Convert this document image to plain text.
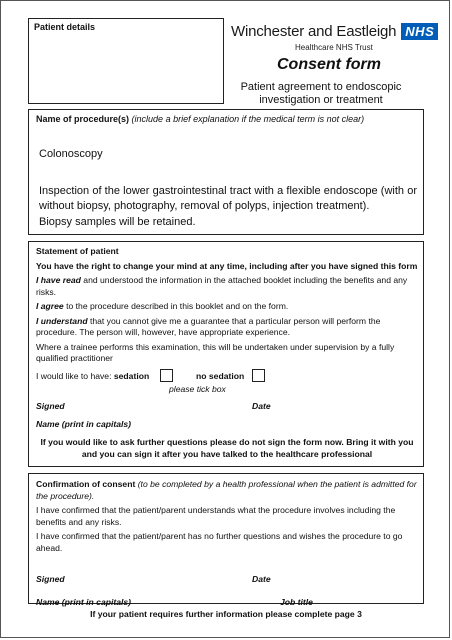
Patient details	Winchester and Eastleigh NHS
Healthcare NHS Trust
Consent form
Patient agreement to endoscopic investigation or treatment
Name of procedure(s) (include a brief explanation if the medical term is not clear)
Colonoscopy
Inspection of the lower gastrointestinal tract with a flexible endoscope (with or without biopsy, photography, removal of polyps, injection treatment).
Biopsy samples will be retained.

Statement of patient

You have the right to change your mind at any time, including after you have signed this form

I have read and understood the information in the attached booklet including the benefits and any risks.

I agree to the procedure described in this booklet and on the form.

I understand that you cannot give me a guarantee that a particular person will perform the procedure. The person will, however, have appropriate experience.

Where a trainee performs this examination, this will be undertaken under supervision by a fully qualified practitioner

I would like to have: sedation	no sedation
please tick box
Signed	Date
Name (print in capitals)
If you would like to ask further questions please do not sign the form now. Bring it with you and you can sign it after you have talked to the healthcare professional

Confirmation of consent (to be completed by a health professional when the patient is admitted for the procedure).

I have confirmed that the patient/parent understands what the procedure involves including the benefits and any risks.

I have confirmed that the patient/parent has no further questions and wishes the procedure to go ahead.

Signed	Date
Name (print in capitals)	Job title
If your patient requires further information please complete page 3
